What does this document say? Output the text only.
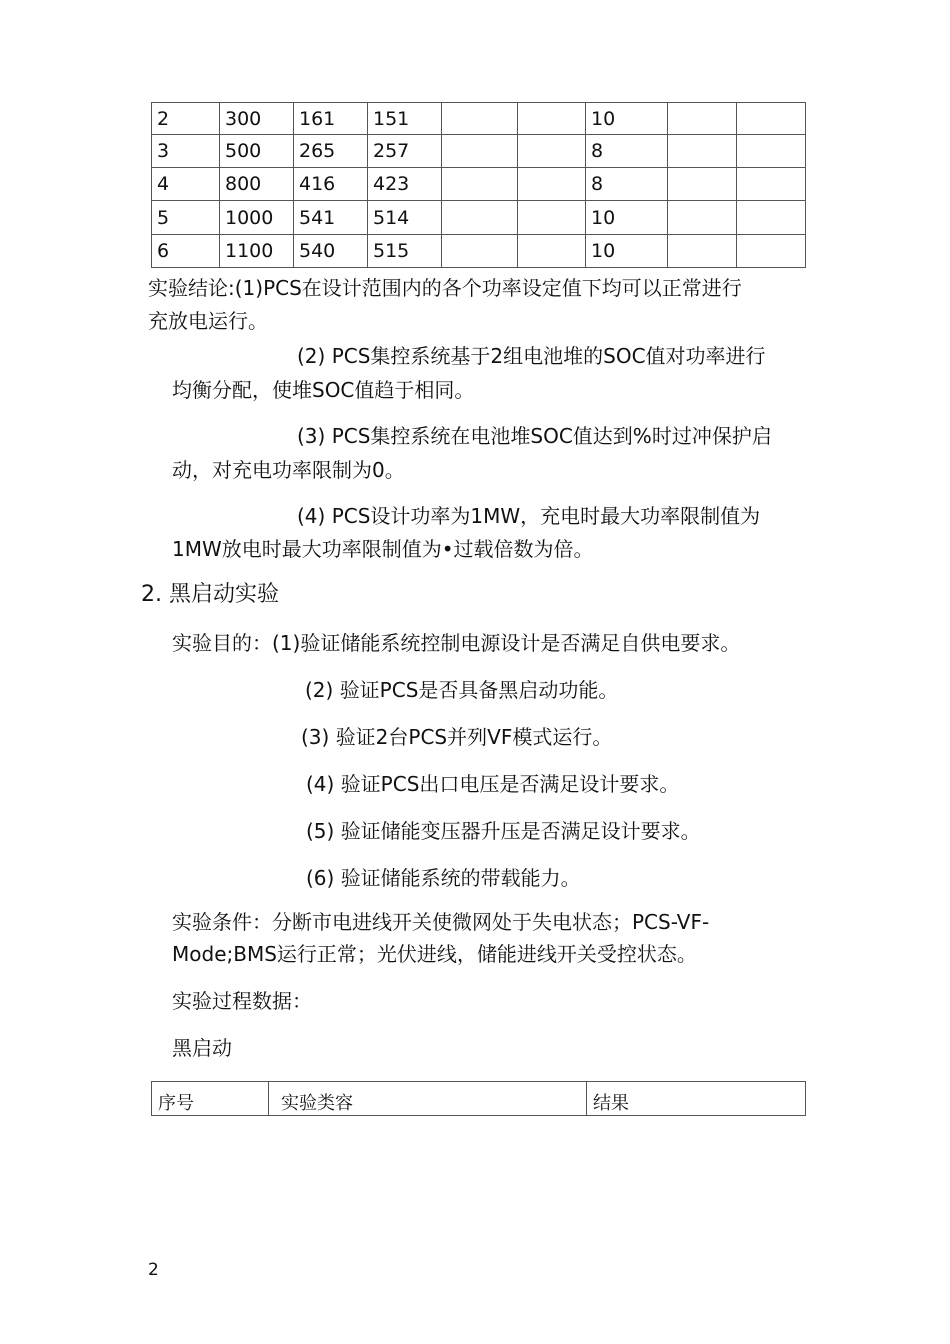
2	300	161	151			10		
3	500	265	257			8		
4	800	416	423			8		
5	1000	541	514			10		
6	1100	540	515			10		
实验结论:(1)PCS在设计范围内的各个功率设定值下均可以正常进行
充放电运行。
(2) PCS集控系统基于2组电池堆的SOC值对功率进行
均衡分配，使堆SOC值趋于相同。
(3) PCS集控系统在电池堆SOC值达到%时过冲保护启
动，对充电功率限制为0。
(4) PCS设计功率为1MW，充电时最大功率限制值为
1MW放电时最大功率限制值为•过载倍数为倍。
2. 黑启动实验
实验目的：(1)验证储能系统控制电源设计是否满足自供电要求。
(2) 验证PCS是否具备黑启动功能。
(3) 验证2台PCS并列VF模式运行。
(4) 验证PCS出口电压是否满足设计要求。
(5) 验证储能变压器升压是否满足设计要求。
(6) 验证储能系统的带载能力。
实验条件：分断市电进线开关使微网处于失电状态；PCS-VF-
Mode;BMS运行正常；光伏进线，储能进线开关受控状态。
实验过程数据：
黑启动
序号	实验类容	结果
2
